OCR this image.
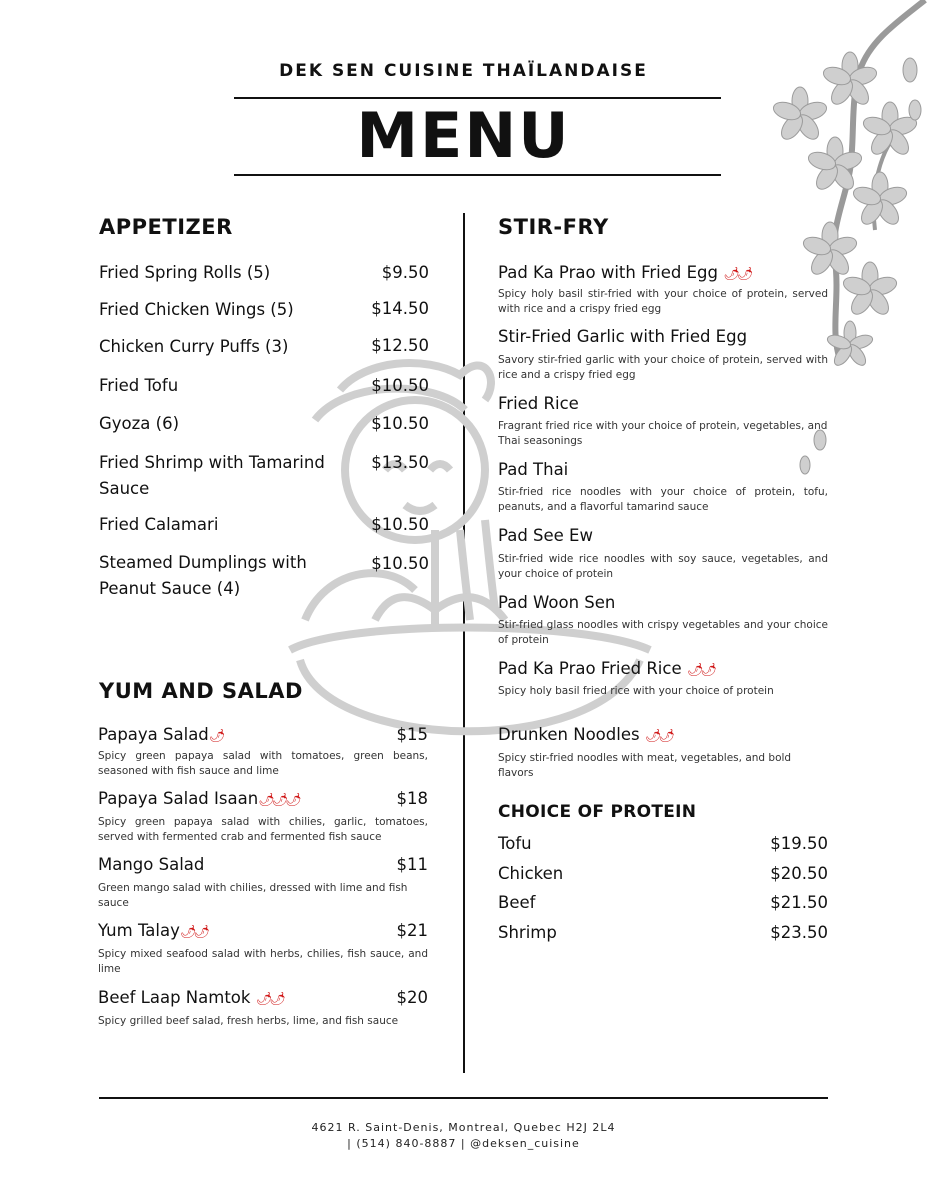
DEK SEN CUISINE THAÏLANDAISE
MENU
APPETIZER
Fried Spring Rolls (5)	$9.50
Fried Chicken Wings (5)	$14.50
Chicken Curry Puffs (3)	$12.50
Fried Tofu	$10.50
Gyoza (6)	$10.50
Fried Shrimp with Tamarind Sauce
$13.50
Fried Calamari	$10.50
Steamed Dumplings with Peanut Sauce (4)
$10.50
YUM AND SALAD
Papaya Salad🌶	$15
Spicy green papaya salad with tomatoes, green beans, seasoned with fish sauce and lime
Papaya Salad Isaan🌶🌶🌶	$18
Spicy green papaya salad with chilies, garlic, tomatoes, served with fermented crab and fermented fish sauce
Mango Salad	$11
Green mango salad with chilies, dressed with lime and fish sauce
Yum Talay🌶🌶	$21
Spicy mixed seafood salad with herbs, chilies, fish sauce, and lime
Beef Laap Namtok 🌶🌶	$20
Spicy grilled beef salad, fresh herbs, lime, and fish sauce
STIR-FRY
Pad Ka Prao with Fried Egg 🌶🌶
Spicy holy basil stir-fried with your choice of protein, served with rice and a crispy fried egg
Stir-Fried Garlic with Fried Egg
Savory stir-fried garlic with your choice of protein, served with rice and a crispy fried egg
Fried Rice
Fragrant fried rice with your choice of protein, vegetables, and Thai seasonings
Pad Thai
Stir-fried rice noodles with your choice of protein, tofu, peanuts, and a flavorful tamarind sauce
Pad See Ew
Stir-fried wide rice noodles with soy sauce, vegetables, and your choice of protein
Pad Woon Sen
Stir-fried glass noodles with crispy vegetables and your choice of protein
Pad Ka Prao Fried Rice 🌶🌶
Spicy holy basil fried rice with your choice of protein
Drunken Noodles 🌶🌶
Spicy stir-fried noodles with meat, vegetables, and bold flavors
CHOICE OF PROTEIN
Tofu	$19.50
Chicken	$20.50
Beef	$21.50
Shrimp	$23.50
4621 R. Saint-Denis, Montreal, Quebec H2J 2L4
| (514) 840-8887 | @deksen_cuisine
